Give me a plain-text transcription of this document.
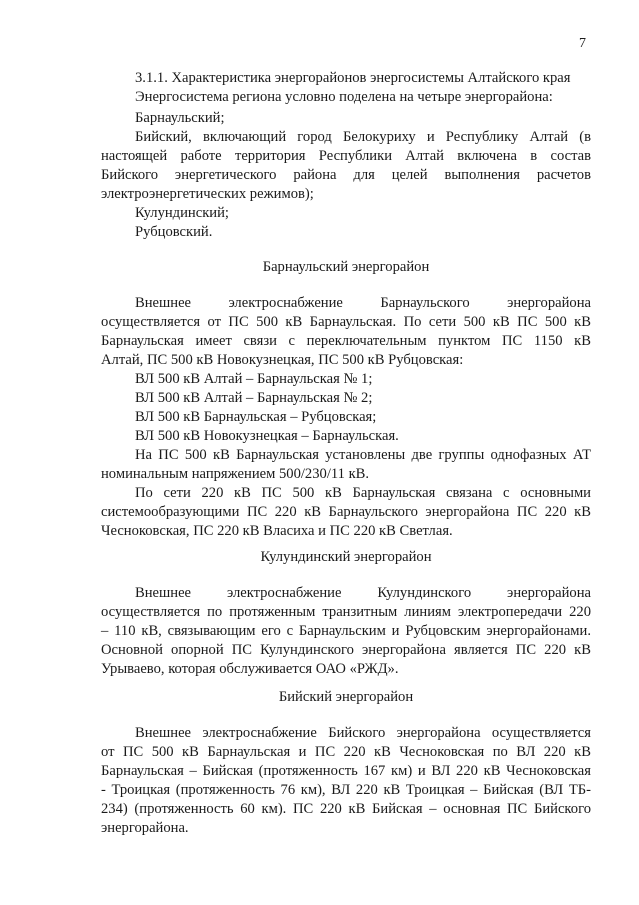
7
3.1.1. Характеристика энергорайонов энергосистемы Алтайского края
Энергосистема региона условно поделена на четыре энергорайона:
Барнаульский;
Бийский, включающий город Белокуриху и Республику Алтай (в
настоящей работе территория Республики Алтай включена в состав
Бийского энергетического района для целей выполнения расчетов
электроэнергетических режимов);
Кулундинский;
Рубцовский.
Барнаульский энергорайон
Внешнее электроснабжение Барнаульского энергорайона
осуществляется от ПС 500 кВ Барнаульская. По сети 500 кВ ПС 500 кВ
Барнаульская имеет связи с переключательным пунктом ПС 1150 кВ
Алтай, ПС 500 кВ Новокузнецкая, ПС 500 кВ Рубцовская:
ВЛ 500 кВ Алтай – Барнаульская № 1;
ВЛ 500 кВ Алтай – Барнаульская № 2;
ВЛ 500 кВ Барнаульская – Рубцовская;
ВЛ 500 кВ Новокузнецкая – Барнаульская.
На ПС 500 кВ Барнаульская установлены две группы однофазных АТ
номинальным напряжением 500/230/11 кВ.
По сети 220 кВ ПС 500 кВ Барнаульская связана с основными
системообразующими ПС 220 кВ Барнаульского энергорайона ПС 220 кВ
Чесноковская, ПС 220 кВ Власиха и ПС 220 кВ Светлая.
Кулундинский энергорайон
Внешнее электроснабжение Кулундинского энергорайона
осуществляется по протяженным транзитным линиям электропередачи 220
– 110 кВ, связывающим его с Барнаульским и Рубцовским энергорайонами.
Основной опорной ПС Кулундинского энергорайона является ПС 220 кВ
Урываево, которая обслуживается ОАО «РЖД».
Бийский энергорайон
Внешнее электроснабжение Бийского энергорайона осуществляется
от ПС 500 кВ Барнаульская и ПС 220 кВ Чесноковская по ВЛ 220 кВ
Барнаульская – Бийская (протяженность 167 км) и ВЛ 220 кВ Чесноковская
- Троицкая (протяженность 76 км), ВЛ 220 кВ Троицкая – Бийская (ВЛ ТБ-
234) (протяженность 60 км). ПС 220 кВ Бийская – основная ПС Бийского
энергорайона.
